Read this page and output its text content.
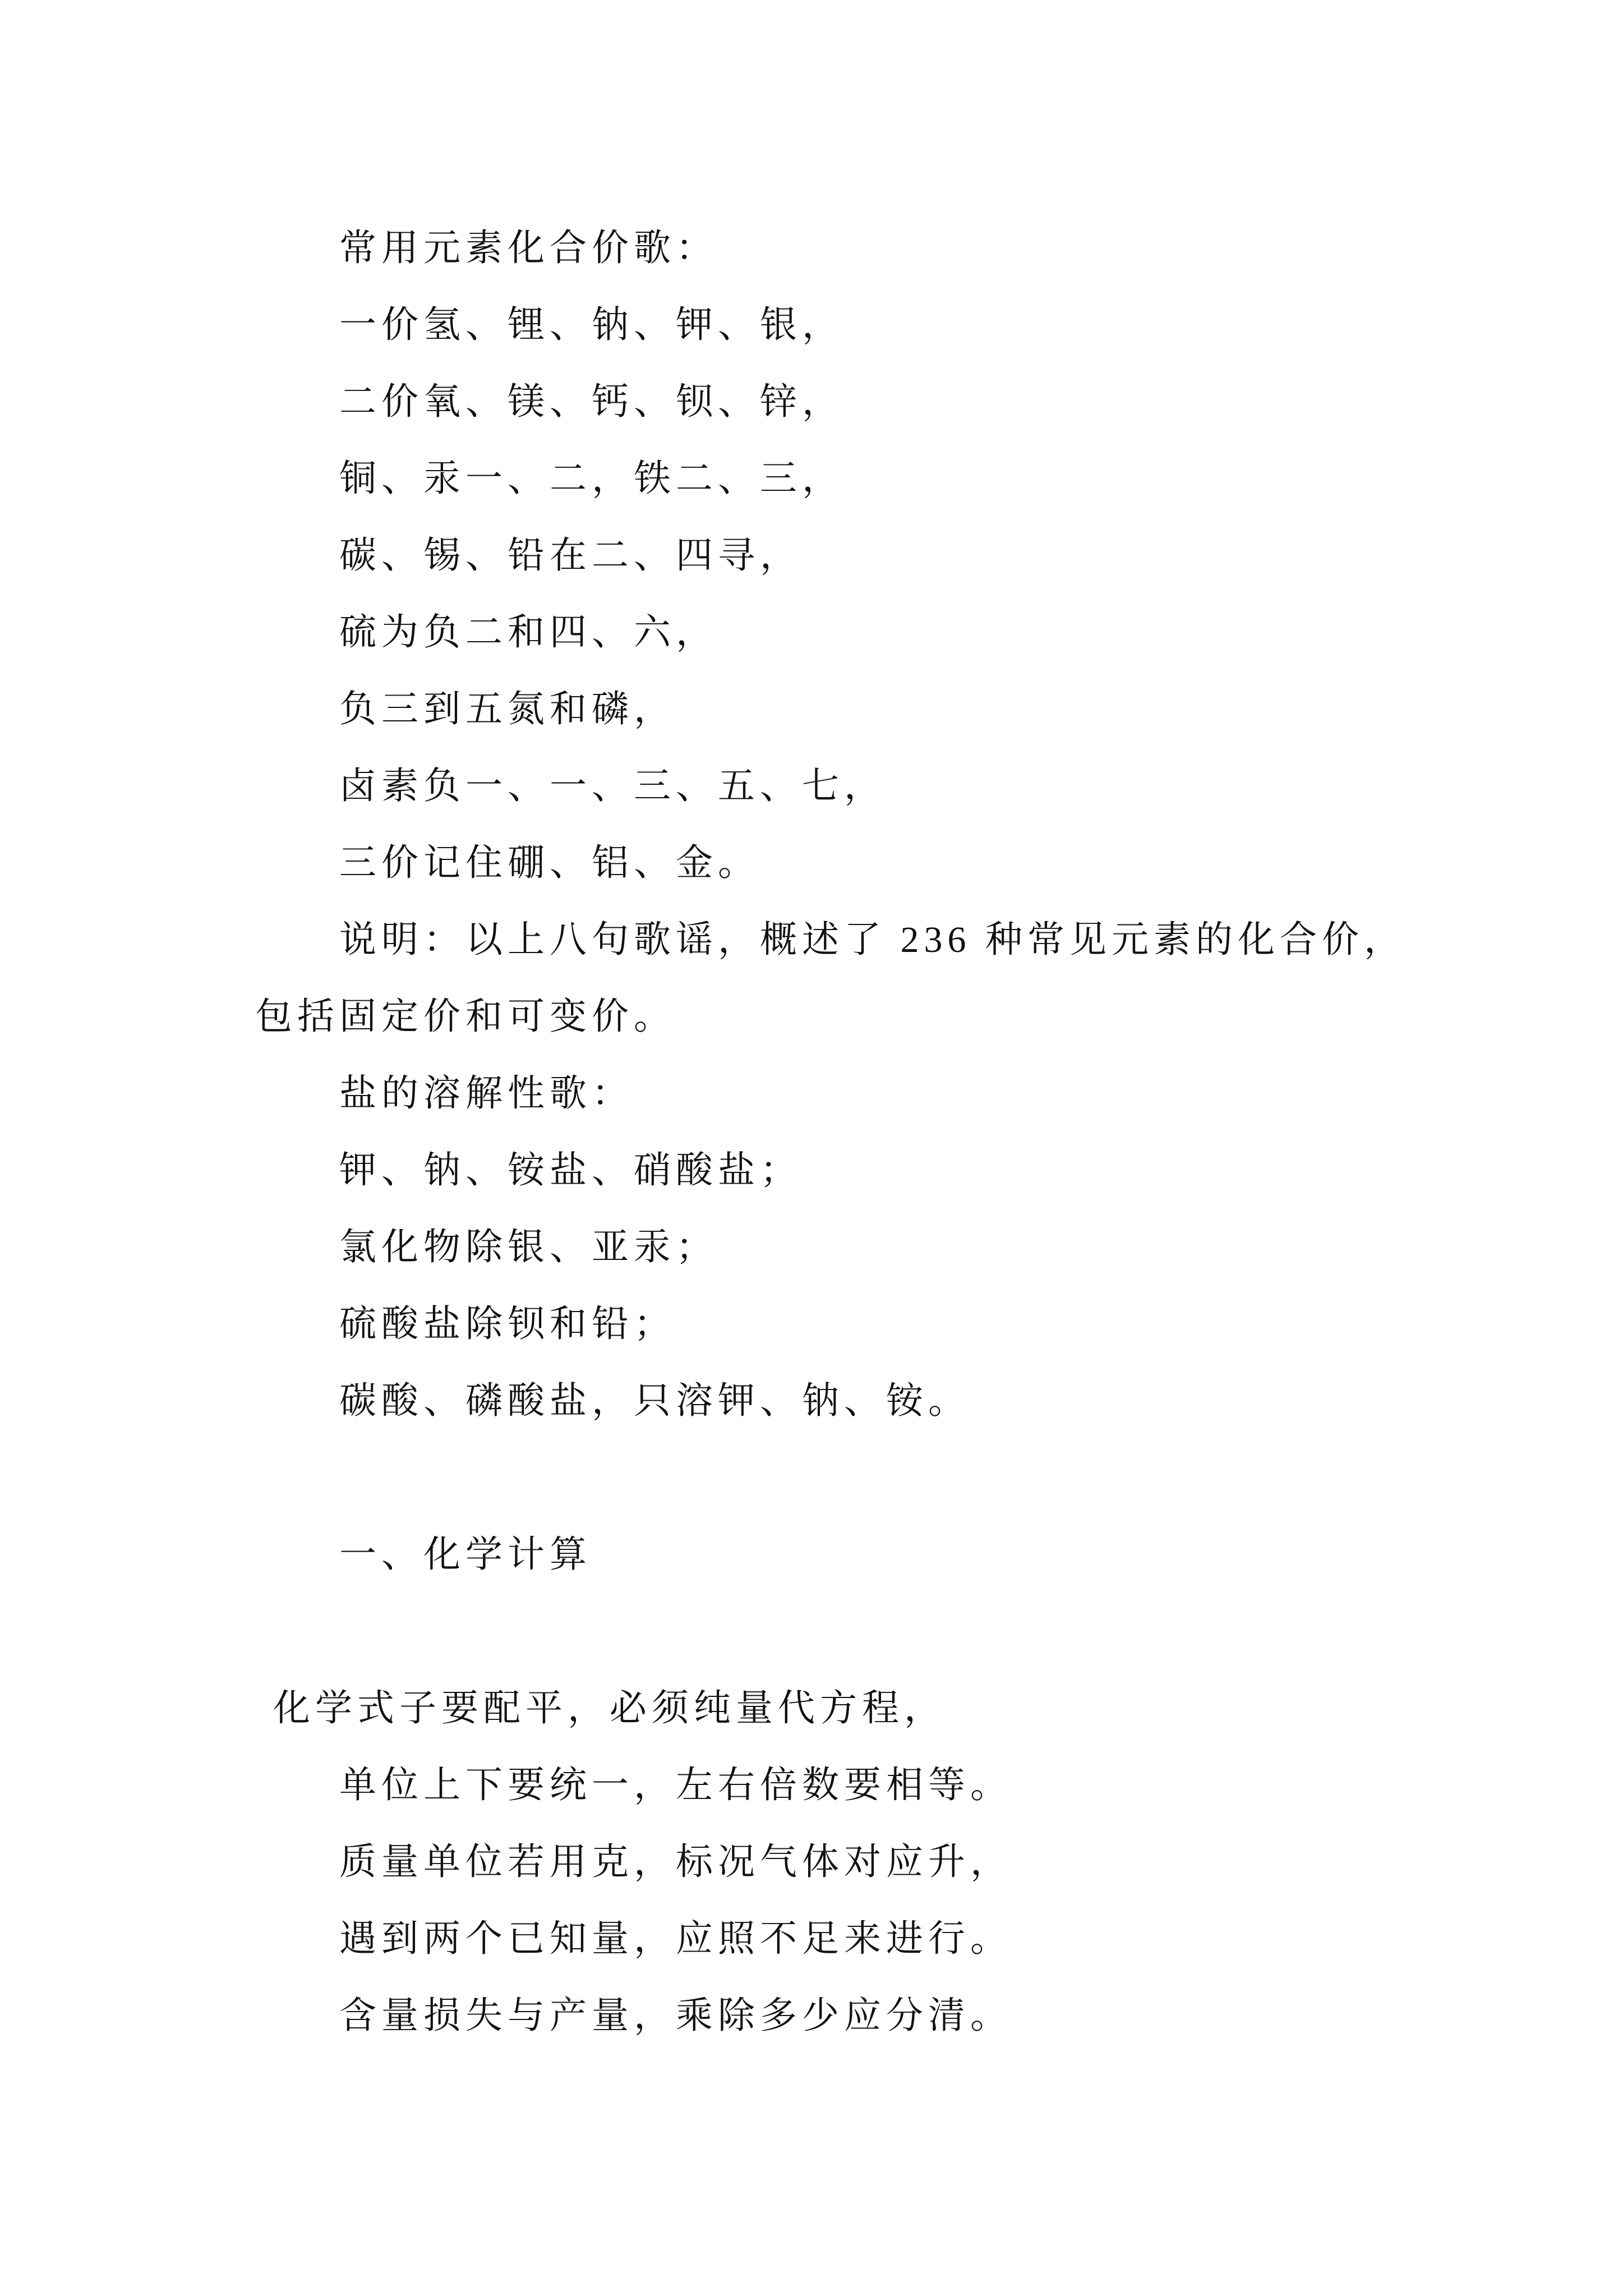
常用元素化合价歌：
一价氢、锂、钠、钾、银，
二价氧、镁、钙、钡、锌，
铜、汞一、二，铁二、三，
碳、锡、铅在二、四寻，
硫为负二和四、六，
负三到五氮和磷，
卤素负一、一、三、五、七，
三价记住硼、铝、金。
说明：以上八句歌谣，概述了 236 种常见元素的化合价，
包括固定价和可变价。
盐的溶解性歌：
钾、钠、铵盐、硝酸盐；
氯化物除银、亚汞；
硫酸盐除钡和铅；
碳酸、磷酸盐，只溶钾、钠、铵。
一、化学计算
化学式子要配平，必须纯量代方程，
单位上下要统一，左右倍数要相等。
质量单位若用克，标况气体对应升，
遇到两个已知量，应照不足来进行。
含量损失与产量，乘除多少应分清。
